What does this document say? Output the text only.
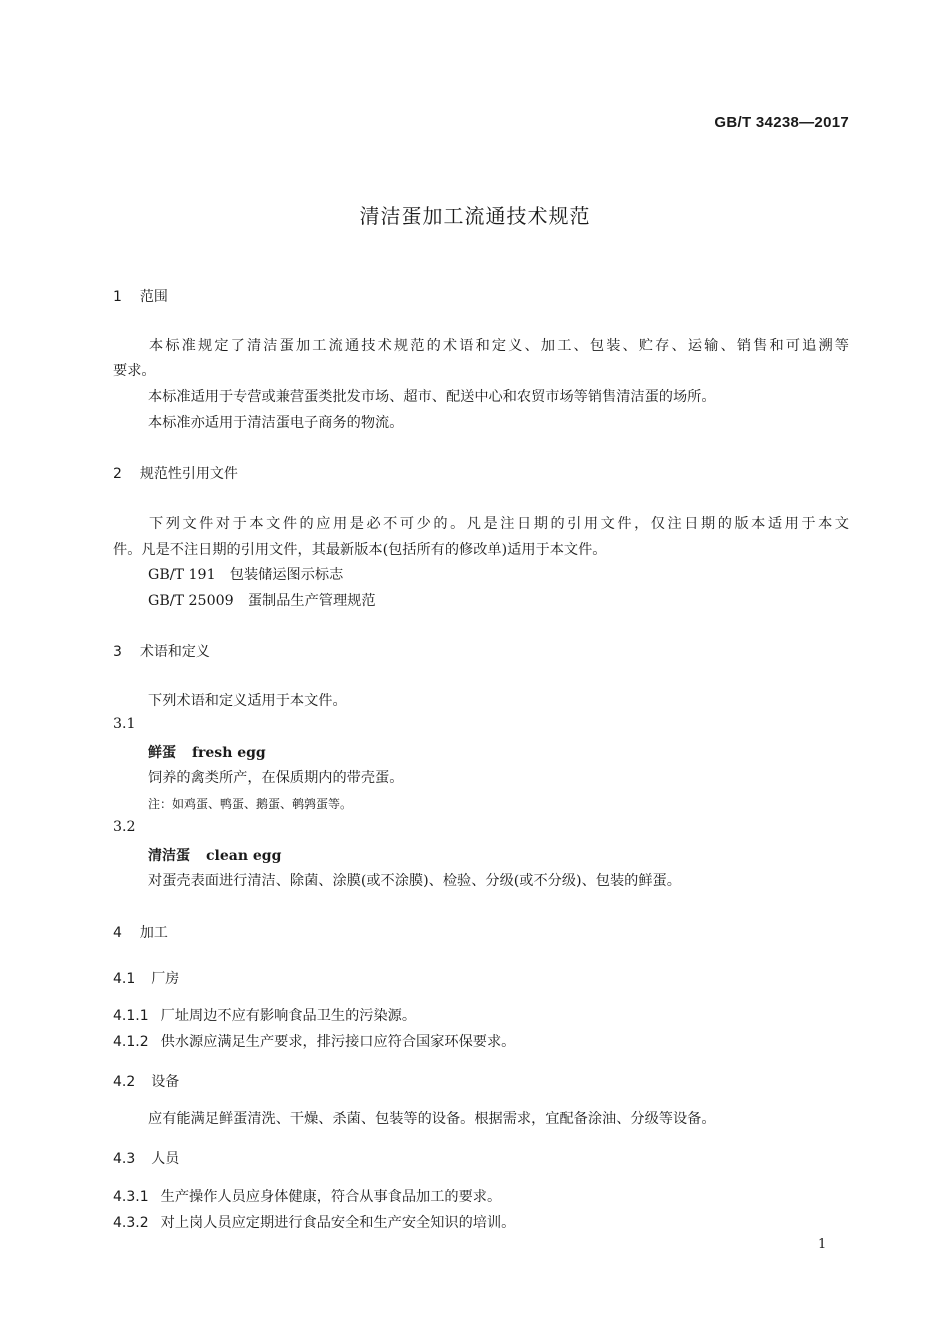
GB/T 34238—2017
清洁蛋加工流通技术规范
1 范围
本标准规定了清洁蛋加工流通技术规范的术语和定义、加工、包装、贮存、运输、销售和可追溯等
要求。
本标准适用于专营或兼营蛋类批发市场、超市、配送中心和农贸市场等销售清洁蛋的场所。
本标准亦适用于清洁蛋电子商务的物流。
2 规范性引用文件
下列文件对于本文件的应用是必不可少的。凡是注日期的引用文件，仅注日期的版本适用于本文
件。凡是不注日期的引用文件，其最新版本(包括所有的修改单)适用于本文件。
GB/T 191　包装储运图示标志
GB/T 25009　蛋制品生产管理规范
3 术语和定义
下列术语和定义适用于本文件。
3.1
鲜蛋 fresh egg
饲养的禽类所产，在保质期内的带壳蛋。
注：如鸡蛋、鸭蛋、鹅蛋、鹌鹑蛋等。
3.2
清洁蛋 clean egg
对蛋壳表面进行清洁、除菌、涂膜(或不涂膜)、检验、分级(或不分级)、包装的鲜蛋。
4 加工
4.1 厂房
4.1.1 厂址周边不应有影响食品卫生的污染源。
4.1.2 供水源应满足生产要求，排污接口应符合国家环保要求。
4.2 设备
应有能满足鲜蛋清洗、干燥、杀菌、包装等的设备。根据需求，宜配备涂油、分级等设备。
4.3 人员
4.3.1 生产操作人员应身体健康，符合从事食品加工的要求。
4.3.2 对上岗人员应定期进行食品安全和生产安全知识的培训。
1
